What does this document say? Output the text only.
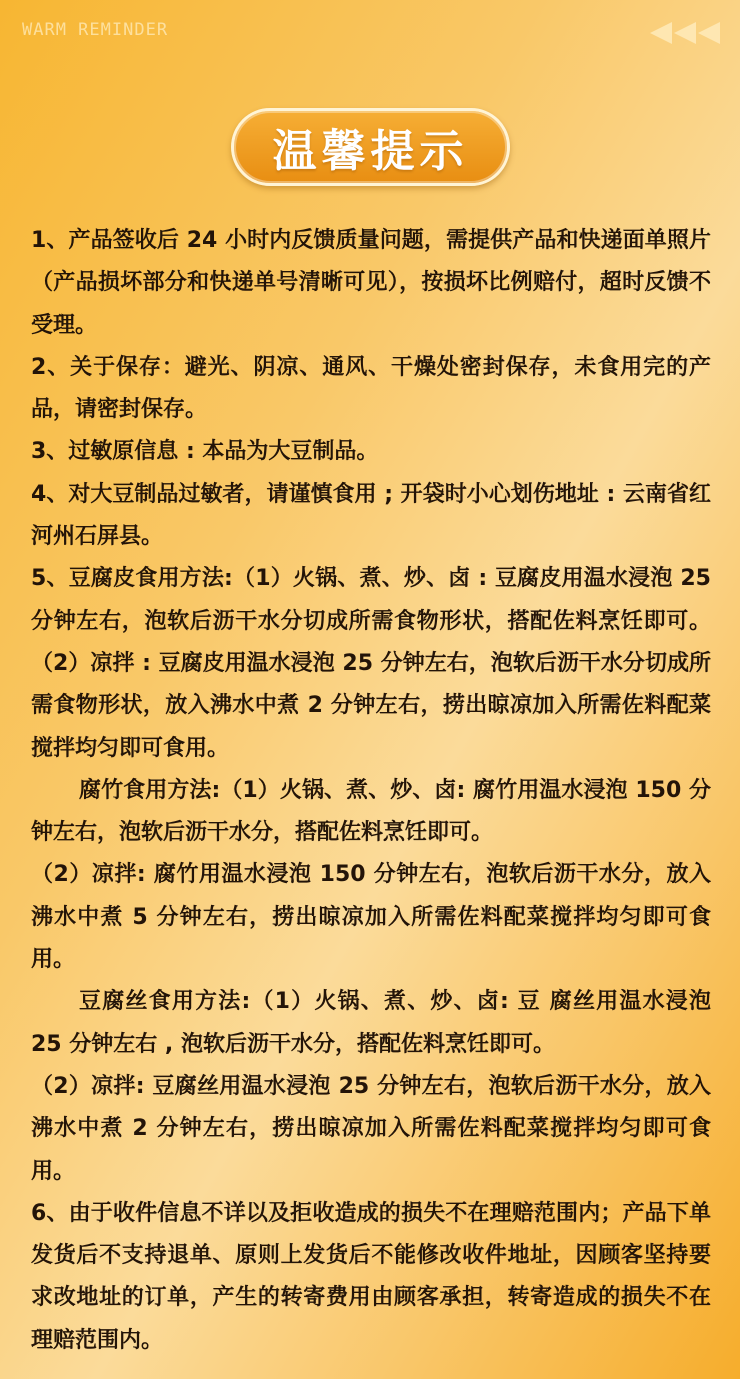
WARM REMINDER
温馨提示

1、产品签收后 24 小时内反馈质量问题，需提供产品和快递面单照片（产品损坏部分和快递单号清晰可见），按损坏比例赔付，超时反馈不受理。

2、关于保存：避光、阴凉、通风、干燥处密封保存，未食用完的产品，请密封保存。

3、过敏原信息 : 本品为大豆制品。

4、对大豆制品过敏者，请谨慎食用 ; 开袋时小心划伤地址 : 云南省红河州石屏县。

5、豆腐皮食用方法:（1）火锅、煮、炒、卤 : 豆腐皮用温水浸泡 25 分钟左右，泡软后沥干水分切成所需食物形状，搭配佐料烹饪即可。（2）凉拌 : 豆腐皮用温水浸泡 25 分钟左右，泡软后沥干水分切成所需食物形状，放入沸水中煮 2 分钟左右，捞出晾凉加入所需佐料配菜搅拌均匀即可食用。

腐竹食用方法:（1）火锅、煮、炒、卤: 腐竹用温水浸泡 150 分钟左右，泡软后沥干水分，搭配佐料烹饪即可。

（2）凉拌: 腐竹用温水浸泡 150 分钟左右，泡软后沥干水分，放入沸水中煮 5 分钟左右，捞出晾凉加入所需佐料配菜搅拌均匀即可食用。

豆腐丝食用方法:（1）火锅、煮、炒、卤: 豆 腐丝用温水浸泡 25 分钟左右 , 泡软后沥干水分，搭配佐料烹饪即可。

（2）凉拌: 豆腐丝用温水浸泡 25 分钟左右，泡软后沥干水分，放入沸水中煮 2 分钟左右，捞出晾凉加入所需佐料配菜搅拌均匀即可食用。

6、由于收件信息不详以及拒收造成的损失不在理赔范围内；产品下单发货后不支持退单、原则上发货后不能修改收件地址，因顾客坚持要求改地址的订单，产生的转寄费用由顾客承担，转寄造成的损失不在理赔范围内。
